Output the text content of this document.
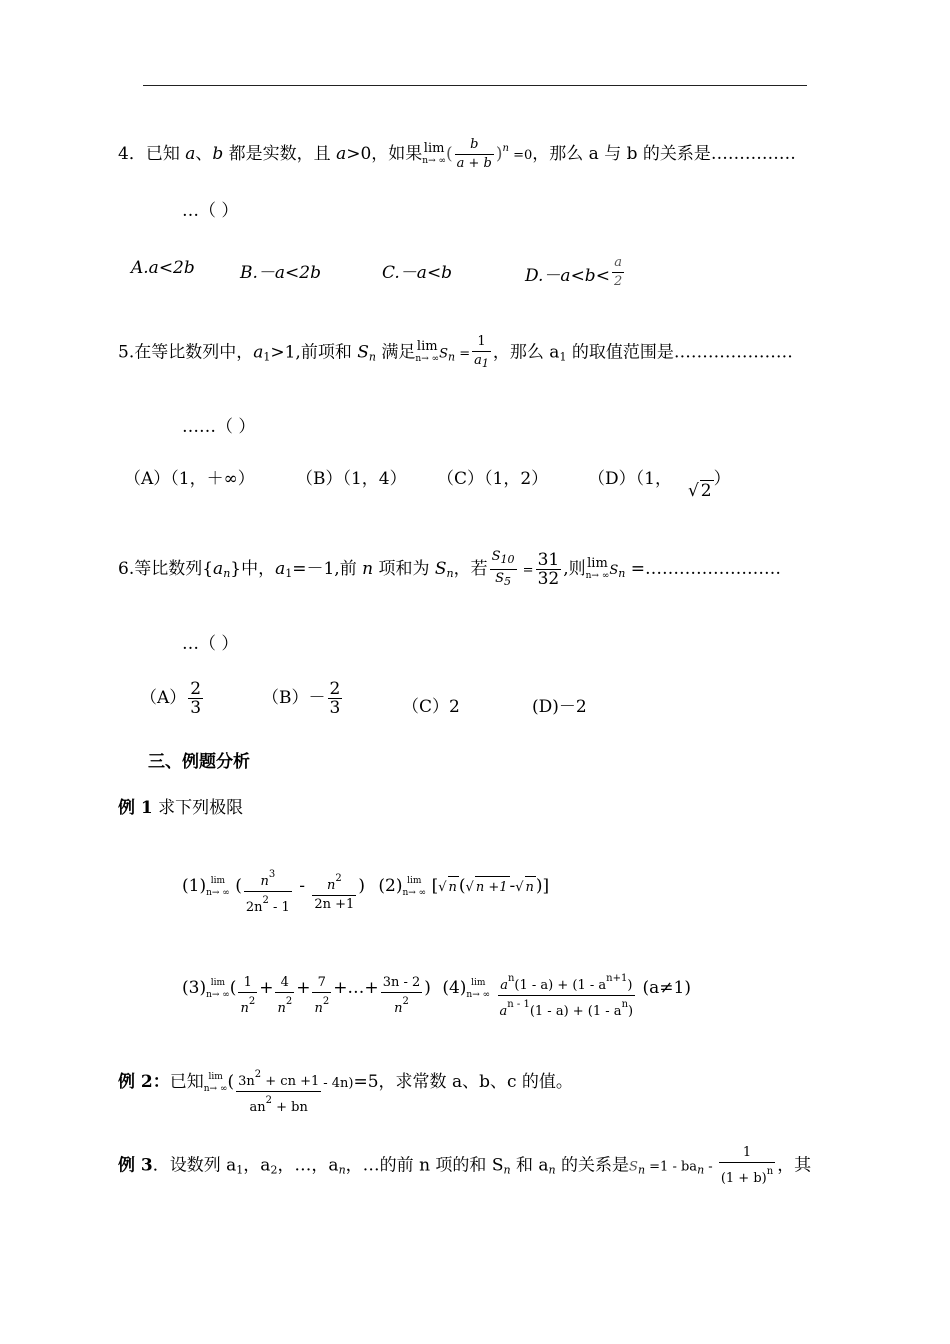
4．已知 a、b 都是实数，且 a>0，如果 lim
n→ ∞ ( $\frac{b}{a + b} )^n =0$，那么 a 与 b 的关系是……………
…（ ）
A.a<2b	B.－a<2b	C.－a<b	$D.-a<b< \frac{a}{2}$
5.在等比数列中，$a_1>1$,前项和 $S_n$ 满足 lim
n→ ∞ $S_n = \frac{1}{a_1}$ ，那么 $a_1$ 的取值范围是…………………
……（ ）
（A）（1，＋∞） （B）（1，4） （C）（1，2） （D）（1，√ 2）
6.等比数列$\{a_n\}$中，$a_1=-1$,前 n 项和为 $S_n$，若 $\frac{S_{10}}{S_5} = \frac{31}{32}$ ,则 lim
n→ ∞ $S_n$ =……………………
…（ ）
$(A) \frac{2}{3}$	$(B)- \frac{2}{3}$	（C）2	(D)－2
三、例题分析
例 1 求下列极限
(1) lim
n→ ∞ ( $\frac{n^3}{2n^2 - 1} - \frac{n^2}{2n +1}$ ) (2) lim
n→ ∞ [√ n (√ n +1 -√ n )]
(3) lim
n→ ∞ ( $\frac{1}{n^2} + \frac{4}{n^2} + \frac{7}{n^2}$ +…+ $\frac{3n - 2}{n^2}$ ) (4) lim
n→ ∞
$\frac{a^n(1 - a) + (1 - a^{n+1})}{a^{n - 1}(1 - a) + (1 - a^n)} (a\ne 1)$
例 2：已知 lim
n→ ∞ ( $\frac{3n^2 + cn +1}{an^2 + bn} - 4n)=5$，求常数 a、b、c 的值。
例 3．设数列 $a_1$，$a_2$，…，$a_n$，…的前 n 项的和 $S_n$ 和 $a_n$ 的关系是$S_n =1 - ba_n - \frac{1}{(1 + b)^n}$ ，其
